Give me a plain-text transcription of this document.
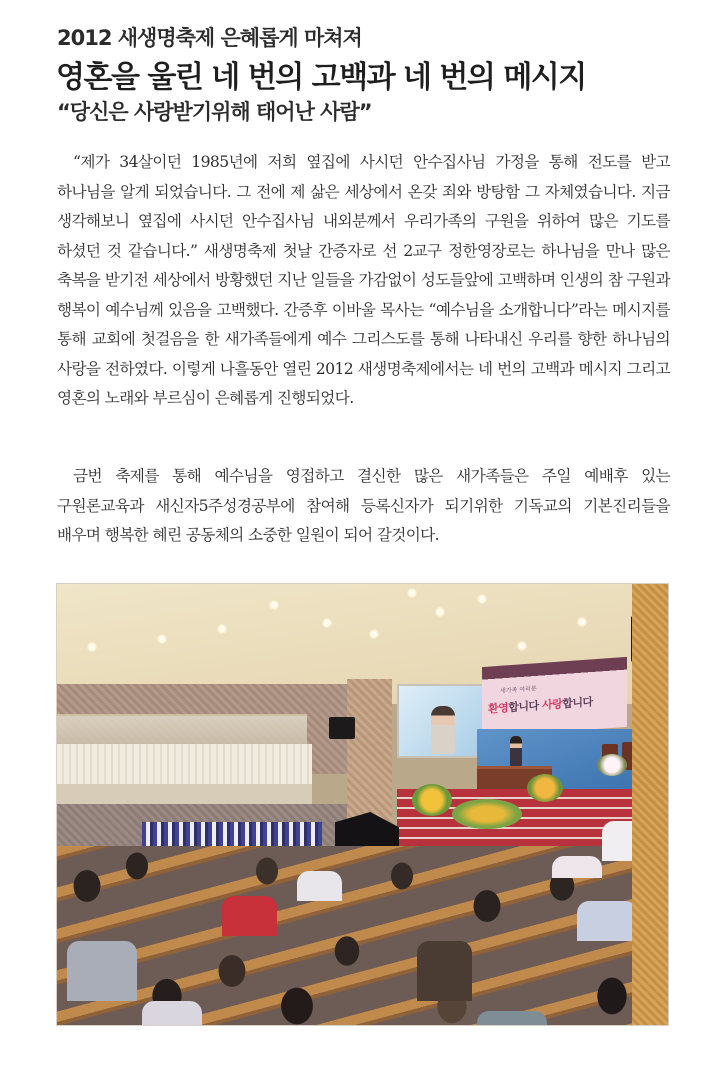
2012 새생명축제 은혜롭게 마쳐져
영혼을 울린 네 번의 고백과 네 번의 메시지
“당신은 사랑받기위해 태어난 사람”

“제가 34살이던 1985년에 저희 옆집에 사시던 안수집사님 가정을 통해 전도를 받고 하나님을 알게 되었습니다. 그 전에 제 삶은 세상에서 온갖 죄와 방탕함 그 자체였습니다. 지금 생각해보니 옆집에 사시던 안수집사님 내외분께서 우리가족의 구원을 위하여 많은 기도를 하셨던 것 같습니다.” 새생명축제 첫날 간증자로 선 2교구 정한영장로는 하나님을 만나 많은 축복을 받기전 세상에서 방황했던 지난 일들을 가감없이 성도들앞에 고백하며 인생의 참 구원과 행복이 예수님께 있음을 고백했다. 간증후 이바울 목사는 “예수님을 소개합니다”라는 메시지를 통해 교회에 첫걸음을 한 새가족들에게 예수 그리스도를 통해 나타내신 우리를 향한 하나님의 사랑을 전하였다. 이렇게 나흘동안 열린 2012 새생명축제에서는 네 번의 고백과 메시지 그리고 영혼의 노래와 부르심이 은혜롭게 진행되었다.

금번 축제를 통해 예수님을 영접하고 결신한 많은 새가족들은 주일 예배후 있는 구원론교육과 새신자5주성경공부에 참여해 등록신자가 되기위한 기독교의 기본진리들을 배우며 행복한 혜린 공동체의 소중한 일원이 되어 갈것이다.

새가족 여러분
환영합니다 사랑합니다
